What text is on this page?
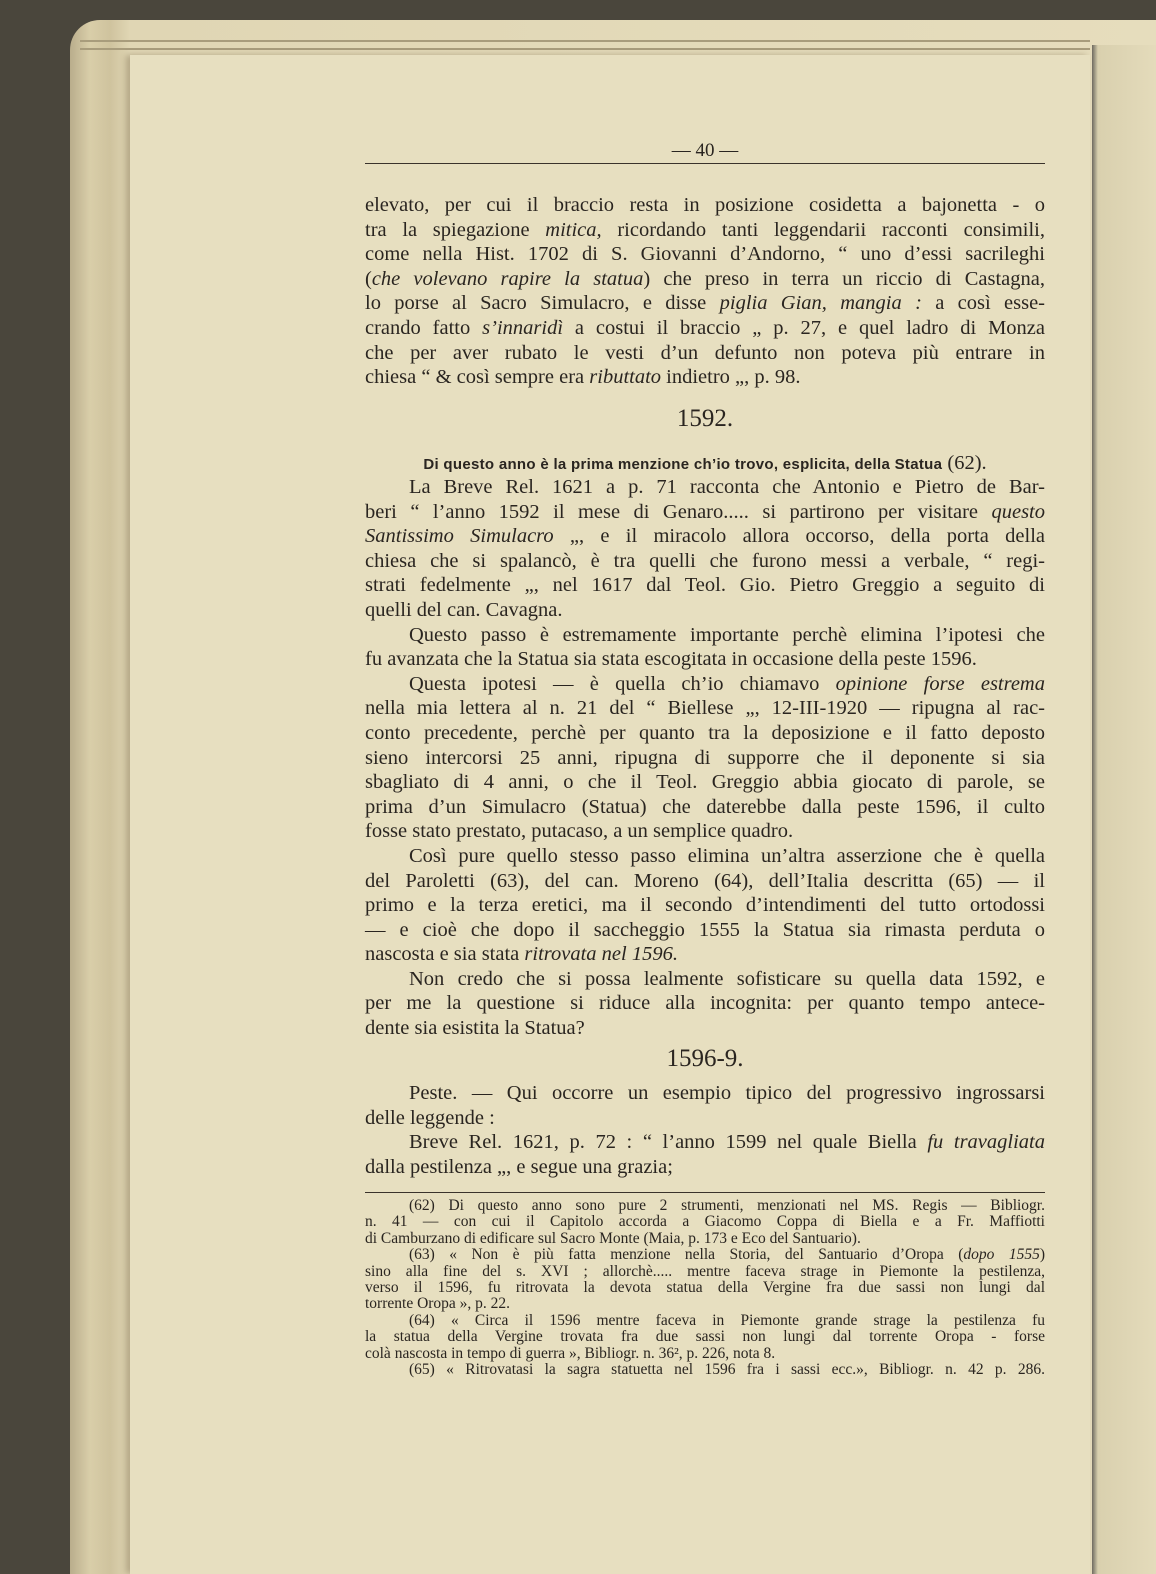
— 40 —
elevato, per cui il braccio resta in posizione cosidetta a bajonetta - o
tra la spiegazione mitica, ricordando tanti leggendarii racconti consimili,
come nella Hist. 1702 di S. Giovanni d’Andorno, “ uno d’essi sacrileghi
(che volevano rapire la statua) che preso in terra un riccio di Castagna,
lo porse al Sacro Simulacro, e disse piglia Gian, mangia : a così esse-
crando fatto s’innaridì a costui il braccio „ p. 27, e quel ladro di Monza
che per aver rubato le vesti d’un defunto non poteva più entrare in
chiesa “ & così sempre era ributtato indietro „, p. 98.
1592.
Di questo anno è la prima menzione ch’io trovo, esplicita, della Statua (62).
La Breve Rel. 1621 a p. 71 racconta che Antonio e Pietro de Bar-
beri “ l’anno 1592 il mese di Genaro..... si partirono per visitare questo
Santissimo Simulacro „, e il miracolo allora occorso, della porta della
chiesa che si spalancò, è tra quelli che furono messi a verbale, “ regi-
strati fedelmente „, nel 1617 dal Teol. Gio. Pietro Greggio a seguito di
quelli del can. Cavagna.
Questo passo è estremamente importante perchè elimina l’ipotesi che
fu avanzata che la Statua sia stata escogitata in occasione della peste 1596.
Questa ipotesi — è quella ch’io chiamavo opinione forse estrema
nella mia lettera al n. 21 del “ Biellese „, 12-III-1920 — ripugna al rac-
conto precedente, perchè per quanto tra la deposizione e il fatto deposto
sieno intercorsi 25 anni, ripugna di supporre che il deponente si sia
sbagliato di 4 anni, o che il Teol. Greggio abbia giocato di parole, se
prima d’un Simulacro (Statua) che daterebbe dalla peste 1596, il culto
fosse stato prestato, putacaso, a un semplice quadro.
Così pure quello stesso passo elimina un’altra asserzione che è quella
del Paroletti (63), del can. Moreno (64), dell’Italia descritta (65) — il
primo e la terza eretici, ma il secondo d’intendimenti del tutto ortodossi
— e cioè che dopo il saccheggio 1555 la Statua sia rimasta perduta o
nascosta e sia stata ritrovata nel 1596.
Non credo che si possa lealmente sofisticare su quella data 1592, e
per me la questione si riduce alla incognita: per quanto tempo antece-
dente sia esistita la Statua?
1596-9.
Peste. — Qui occorre un esempio tipico del progressivo ingrossarsi
delle leggende :
Breve Rel. 1621, p. 72 : “ l’anno 1599 nel quale Biella fu travagliata
dalla pestilenza „, e segue una grazia;
(62) Di questo anno sono pure 2 strumenti, menzionati nel MS. Regis — Bibliogr.
n. 41 — con cui il Capitolo accorda a Giacomo Coppa di Biella e a Fr. Maffiotti
di Camburzano di edificare sul Sacro Monte (Maia, p. 173 e Eco del Santuario).
(63) « Non è più fatta menzione nella Storia, del Santuario d’Oropa (dopo 1555)
sino alla fine del s. XVI ; allorchè..... mentre faceva strage in Piemonte la pestilenza,
verso il 1596, fu ritrovata la devota statua della Vergine fra due sassi non lungi dal
torrente Oropa », p. 22.
(64) « Circa il 1596 mentre faceva in Piemonte grande strage la pestilenza fu
la statua della Vergine trovata fra due sassi non lungi dal torrente Oropa - forse
colà nascosta in tempo di guerra », Bibliogr. n. 36², p. 226, nota 8.
(65) « Ritrovatasi la sagra statuetta nel 1596 fra i sassi ecc.», Bibliogr. n. 42 p. 286.
